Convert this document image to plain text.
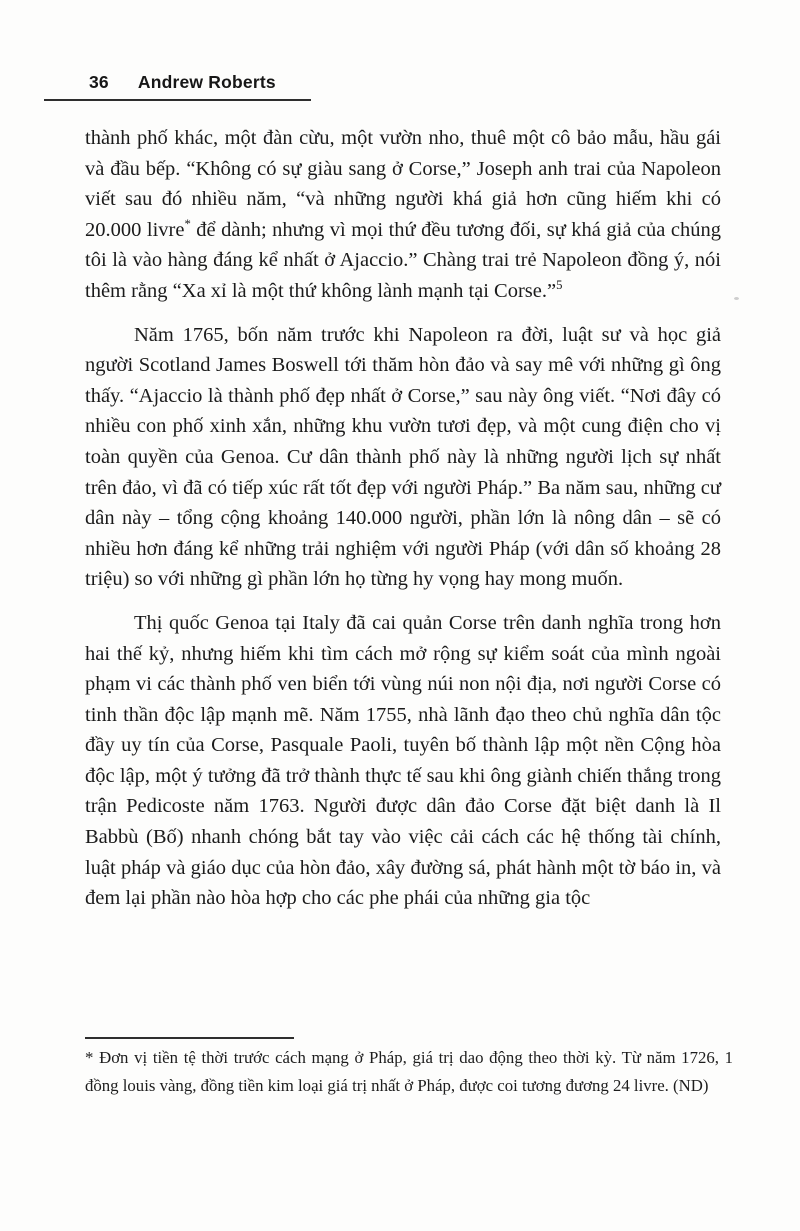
36 Andrew Roberts

thành phố khác, một đàn cừu, một vườn nho, thuê một cô bảo mẫu, hầu gái và đầu bếp. “Không có sự giàu sang ở Corse,” Joseph anh trai của Napoleon viết sau đó nhiều năm, “và những người khá giả hơn cũng hiếm khi có 20.000 livre* để dành; nhưng vì mọi thứ đều tương đối, sự khá giả của chúng tôi là vào hàng đáng kể nhất ở Ajaccio.” Chàng trai trẻ Napoleon đồng ý, nói thêm rằng “Xa xỉ là một thứ không lành mạnh tại Corse.”$^5$

Năm 1765, bốn năm trước khi Napoleon ra đời, luật sư và học giả người Scotland James Boswell tới thăm hòn đảo và say mê với những gì ông thấy. “Ajaccio là thành phố đẹp nhất ở Corse,” sau này ông viết. “Nơi đây có nhiều con phố xinh xắn, những khu vườn tươi đẹp, và một cung điện cho vị toàn quyền của Genoa. Cư dân thành phố này là những người lịch sự nhất trên đảo, vì đã có tiếp xúc rất tốt đẹp với người Pháp.” Ba năm sau, những cư dân này – tổng cộng khoảng 140.000 người, phần lớn là nông dân – sẽ có nhiều hơn đáng kể những trải nghiệm với người Pháp (với dân số khoảng 28 triệu) so với những gì phần lớn họ từng hy vọng hay mong muốn.

Thị quốc Genoa tại Italy đã cai quản Corse trên danh nghĩa trong hơn hai thế kỷ, nhưng hiếm khi tìm cách mở rộng sự kiểm soát của mình ngoài phạm vi các thành phố ven biển tới vùng núi non nội địa, nơi người Corse có tinh thần độc lập mạnh mẽ. Năm 1755, nhà lãnh đạo theo chủ nghĩa dân tộc đầy uy tín của Corse, Pasquale Paoli, tuyên bố thành lập một nền Cộng hòa độc lập, một ý tưởng đã trở thành thực tế sau khi ông giành chiến thắng trong trận Pedicoste năm 1763. Người được dân đảo Corse đặt biệt danh là Il Babbù (Bố) nhanh chóng bắt tay vào việc cải cách các hệ thống tài chính, luật pháp và giáo dục của hòn đảo, xây đường sá, phát hành một tờ báo in, và đem lại phần nào hòa hợp cho các phe phái của những gia tộc

* Đơn vị tiền tệ thời trước cách mạng ở Pháp, giá trị dao động theo thời kỳ. Từ năm 1726, 1 đồng louis vàng, đồng tiền kim loại giá trị nhất ở Pháp, được coi tương đương 24 livre. (ND)
